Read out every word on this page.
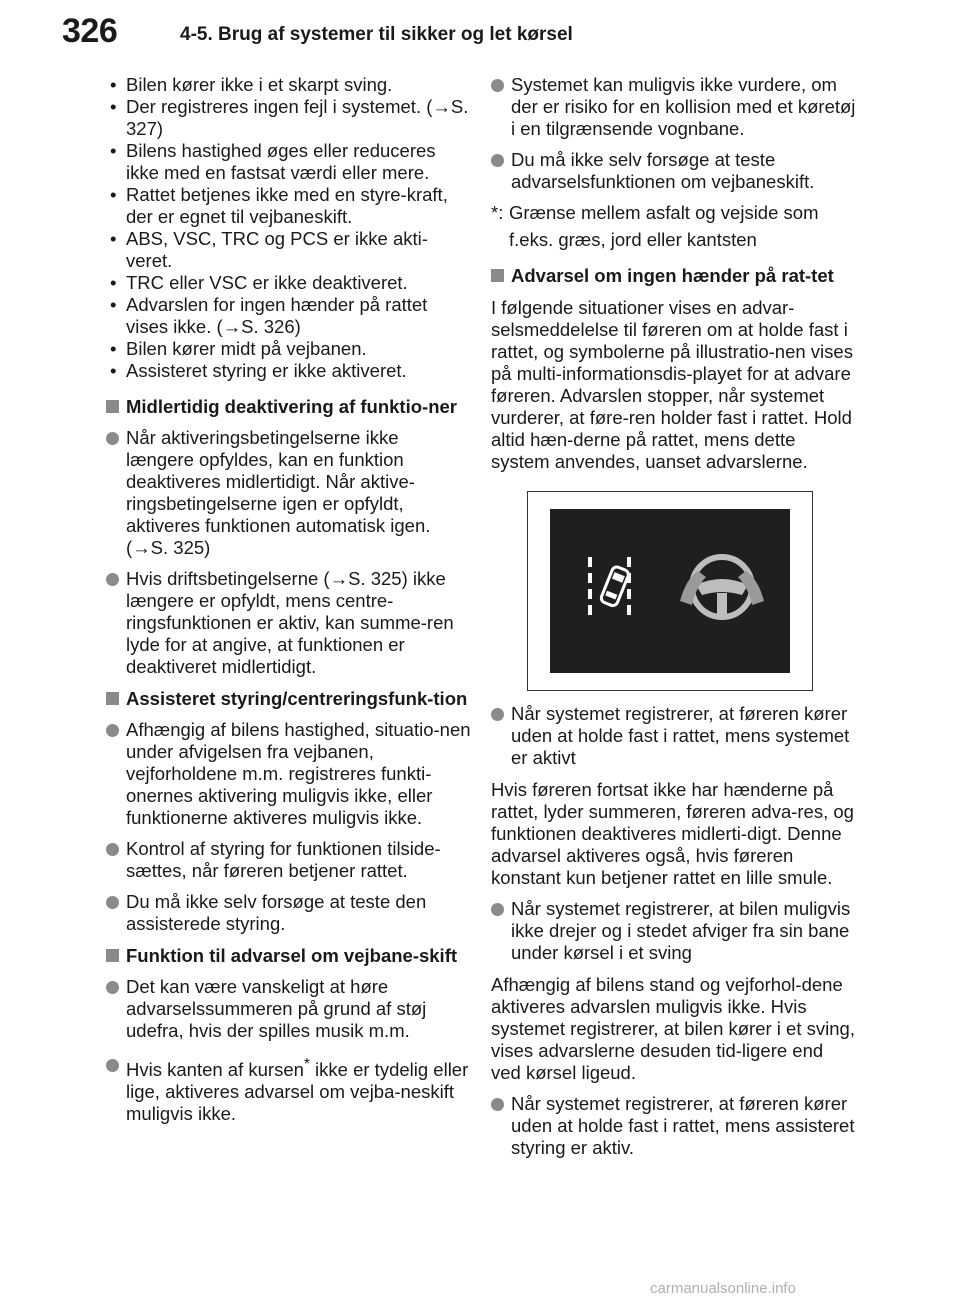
326	4-5. Brug af systemer til sikker og let kørsel
• Bilen kører ikke i et skarpt sving.
• Der registreres ingen fejl i systemet. (→S. 327)
• Bilens hastighed øges eller reduceres ikke med en fastsat værdi eller mere.
• Rattet betjenes ikke med en styre-kraft, der er egnet til vejbaneskift.
• ABS, VSC, TRC og PCS er ikke akti-veret.
• TRC eller VSC er ikke deaktiveret.
• Advarslen for ingen hænder på rattet vises ikke. (→S. 326)
• Bilen kører midt på vejbanen.
• Assisteret styring er ikke aktiveret.
Midlertidig deaktivering af funktio-ner
Når aktiveringsbetingelserne ikke længere opfyldes, kan en funktion deaktiveres midlertidigt. Når aktive-ringsbetingelserne igen er opfyldt, aktiveres funktionen automatisk igen. (→S. 325)
Hvis driftsbetingelserne (→S. 325) ikke længere er opfyldt, mens centre-ringsfunktionen er aktiv, kan summe-ren lyde for at angive, at funktionen er deaktiveret midlertidigt.
Assisteret styring/centreringsfunk-tion
Afhængig af bilens hastighed, situatio-nen under afvigelsen fra vejbanen, vejforholdene m.m. registreres funkti-onernes aktivering muligvis ikke, eller funktionerne aktiveres muligvis ikke.
Kontrol af styring for funktionen tilside-sættes, når føreren betjener rattet.
Du må ikke selv forsøge at teste den assisterede styring.
Funktion til advarsel om vejbane-skift
Det kan være vanskeligt at høre advarselssummeren på grund af støj udefra, hvis der spilles musik m.m.
Hvis kanten af kursen* ikke er tydelig eller lige, aktiveres advarsel om vejba-neskift muligvis ikke.
Systemet kan muligvis ikke vurdere, om der er risiko for en kollision med et køretøj i en tilgrænsende vognbane.
Du må ikke selv forsøge at teste advarselsfunktionen om vejbaneskift.
*: Grænse mellem asfalt og vejside som f.eks. græs, jord eller kantsten
Advarsel om ingen hænder på rat-tet
I følgende situationer vises en advar-selsmeddelelse til føreren om at holde fast i rattet, og symbolerne på illustratio-nen vises på multi-informationsdis-playet for at advare føreren. Advarslen stopper, når systemet vurderer, at føre-ren holder fast i rattet. Hold altid hæn-derne på rattet, mens dette system anvendes, uanset advarslerne.
Når systemet registrerer, at føreren kører uden at holde fast i rattet, mens systemet er aktivt
Hvis føreren fortsat ikke har hænderne på rattet, lyder summeren, føreren adva-res, og funktionen deaktiveres midlerti-digt. Denne advarsel aktiveres også, hvis føreren konstant kun betjener rattet en lille smule.
Når systemet registrerer, at bilen muligvis ikke drejer og i stedet afviger fra sin bane under kørsel i et sving
Afhængig af bilens stand og vejforhol-dene aktiveres advarslen muligvis ikke. Hvis systemet registrerer, at bilen kører i et sving, vises advarslerne desuden tid-ligere end ved kørsel ligeud.
Når systemet registrerer, at føreren kører uden at holde fast i rattet, mens assisteret styring er aktiv.
carmanualsonline.info
